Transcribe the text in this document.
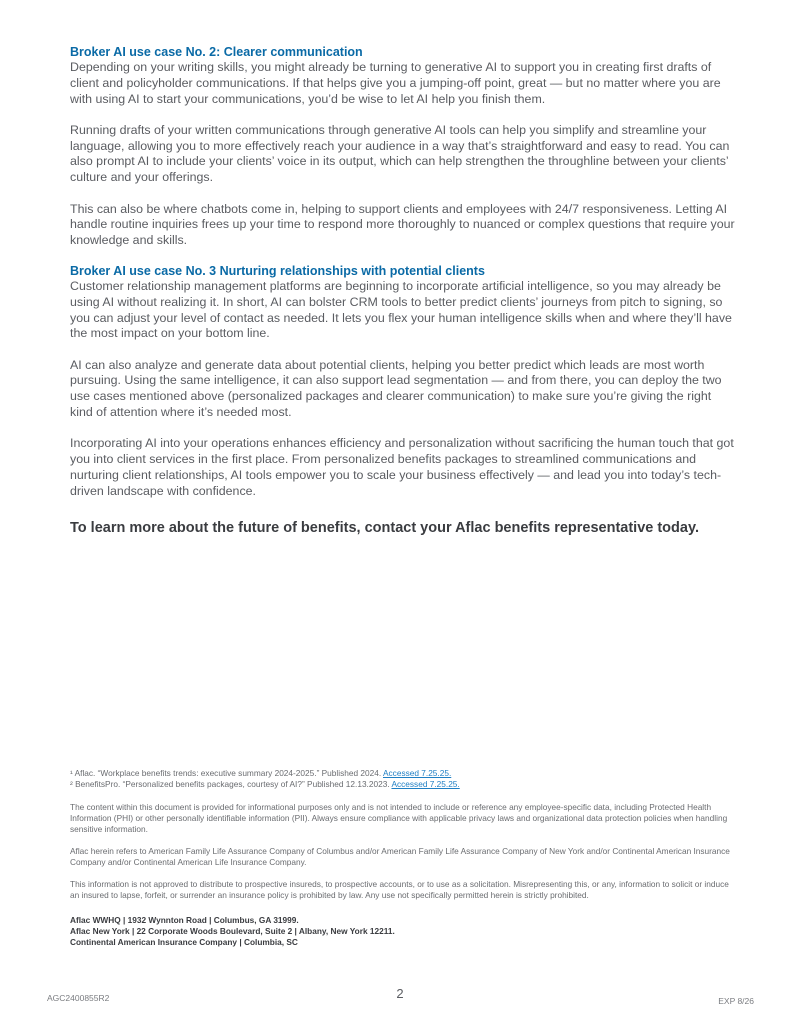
Broker AI use case No. 2: Clearer communication

Depending on your writing skills, you might already be turning to generative AI to support you in creating first drafts of client and policyholder communications. If that helps give you a jumping-off point, great — but no matter where you are with using AI to start your communications, you’d be wise to let AI help you finish them.

Running drafts of your written communications through generative AI tools can help you simplify and streamline your language, allowing you to more effectively reach your audience in a way that’s straightforward and easy to read. You can also prompt AI to include your clients’ voice in its output, which can help strengthen the throughline between your clients’ culture and your offerings.

This can also be where chatbots come in, helping to support clients and employees with 24/7 responsiveness. Letting AI handle routine inquiries frees up your time to respond more thoroughly to nuanced or complex questions that require your knowledge and skills.

Broker AI use case No. 3 Nurturing relationships with potential clients

Customer relationship management platforms are beginning to incorporate artificial intelligence, so you may already be using AI without realizing it. In short, AI can bolster CRM tools to better predict clients’ journeys from pitch to signing, so you can adjust your level of contact as needed. It lets you flex your human intelligence skills when and where they’ll have the most impact on your bottom line.

AI can also analyze and generate data about potential clients, helping you better predict which leads are most worth pursuing. Using the same intelligence, it can also support lead segmentation — and from there, you can deploy the two use cases mentioned above (personalized packages and clearer communication) to make sure you’re giving the right kind of attention where it’s needed most.

Incorporating AI into your operations enhances efficiency and personalization without sacrificing the human touch that got you into client services in the first place. From personalized benefits packages to streamlined communications and nurturing client relationships, AI tools empower you to scale your business effectively — and lead you into today’s tech-driven landscape with confidence.

To learn more about the future of benefits, contact your Aflac benefits representative today.

¹ Aflac. “Workplace benefits trends: executive summary 2024-2025.” Published 2024. Accessed 7.25.25.
² BenefitsPro. “Personalized benefits packages, courtesy of AI?” Published 12.13.2023. Accessed 7.25.25.

The content within this document is provided for informational purposes only and is not intended to include or reference any employee-specific data, including Protected Health Information (PHI) or other personally identifiable information (PII). Always ensure compliance with applicable privacy laws and organizational data protection policies when handling sensitive information.

Aflac herein refers to American Family Life Assurance Company of Columbus and/or American Family Life Assurance Company of New York and/or Continental American Insurance Company and/or Continental American Life Insurance Company.

This information is not approved to distribute to prospective insureds, to prospective accounts, or to use as a solicitation. Misrepresenting this, or any, information to solicit or induce an insured to lapse, forfeit, or surrender an insurance policy is prohibited by law. Any use not specifically permitted herein is strictly prohibited.

Aflac WWHQ | 1932 Wynnton Road | Columbus, GA 31999.
Aflac New York | 22 Corporate Woods Boulevard, Suite 2 | Albany, New York 12211.
Continental American Insurance Company | Columbia, SC
AGC2400855R2	2	EXP 8/26
